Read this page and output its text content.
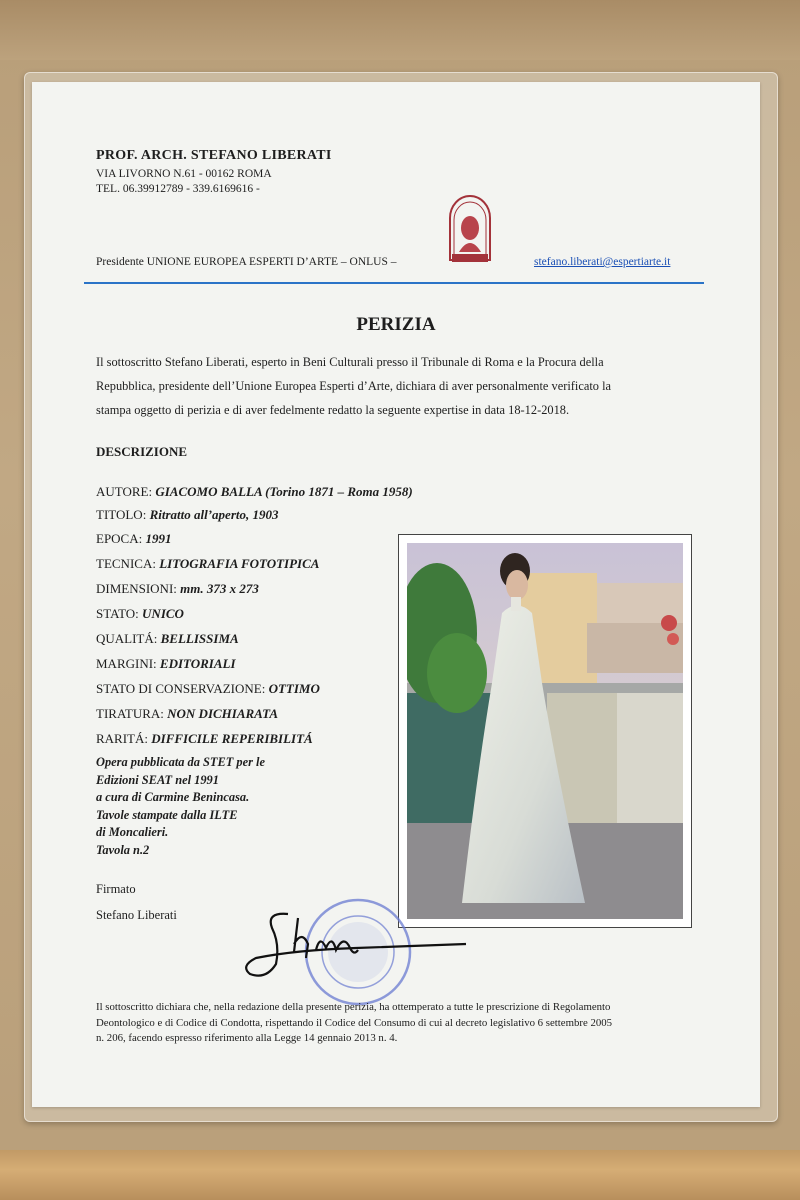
PROF. ARCH. STEFANO LIBERATI
VIA LIVORNO N.61 - 00162 ROMA
TEL. 06.39912789 - 339.6169616 -
Presidente UNIONE EUROPEA ESPERTI D’ARTE – ONLUS –	stefano.liberati@espertiarte.it
PERIZIA
Il sottoscritto Stefano Liberati, esperto in Beni Culturali presso il Tribunale di Roma e la Procura della
Repubblica, presidente dell’Unione Europea Esperti d’Arte, dichiara di aver personalmente verificato la
stampa oggetto di perizia e di aver fedelmente redatto la seguente expertise in data 18-12-2018.
DESCRIZIONE
AUTORE: GIACOMO BALLA (Torino 1871 – Roma 1958)
TITOLO: Ritratto all’aperto, 1903
EPOCA: 1991
TECNICA: LITOGRAFIA FOTOTIPICA
DIMENSIONI: mm. 373 x 273
STATO: UNICO
QUALITÁ: BELLISSIMA
MARGINI: EDITORIALI
STATO DI CONSERVAZIONE: OTTIMO
TIRATURA: NON DICHIARATA
RARITÁ: DIFFICILE REPERIBILITÁ
Opera pubblicata da STET per le
Edizioni SEAT nel 1991
a cura di Carmine Benincasa.
Tavole stampate dalla ILTE
di Moncalieri.
Tavola n.2
Firmato
Stefano Liberati
Il sottoscritto dichiara che, nella redazione della presente perizia, ha ottemperato a tutte le prescrizione di Regolamento
Deontologico e di Codice di Condotta, rispettando il Codice del Consumo di cui al decreto legislativo 6 settembre 2005
n. 206, facendo espresso riferimento alla Legge 14 gennaio 2013 n. 4.
